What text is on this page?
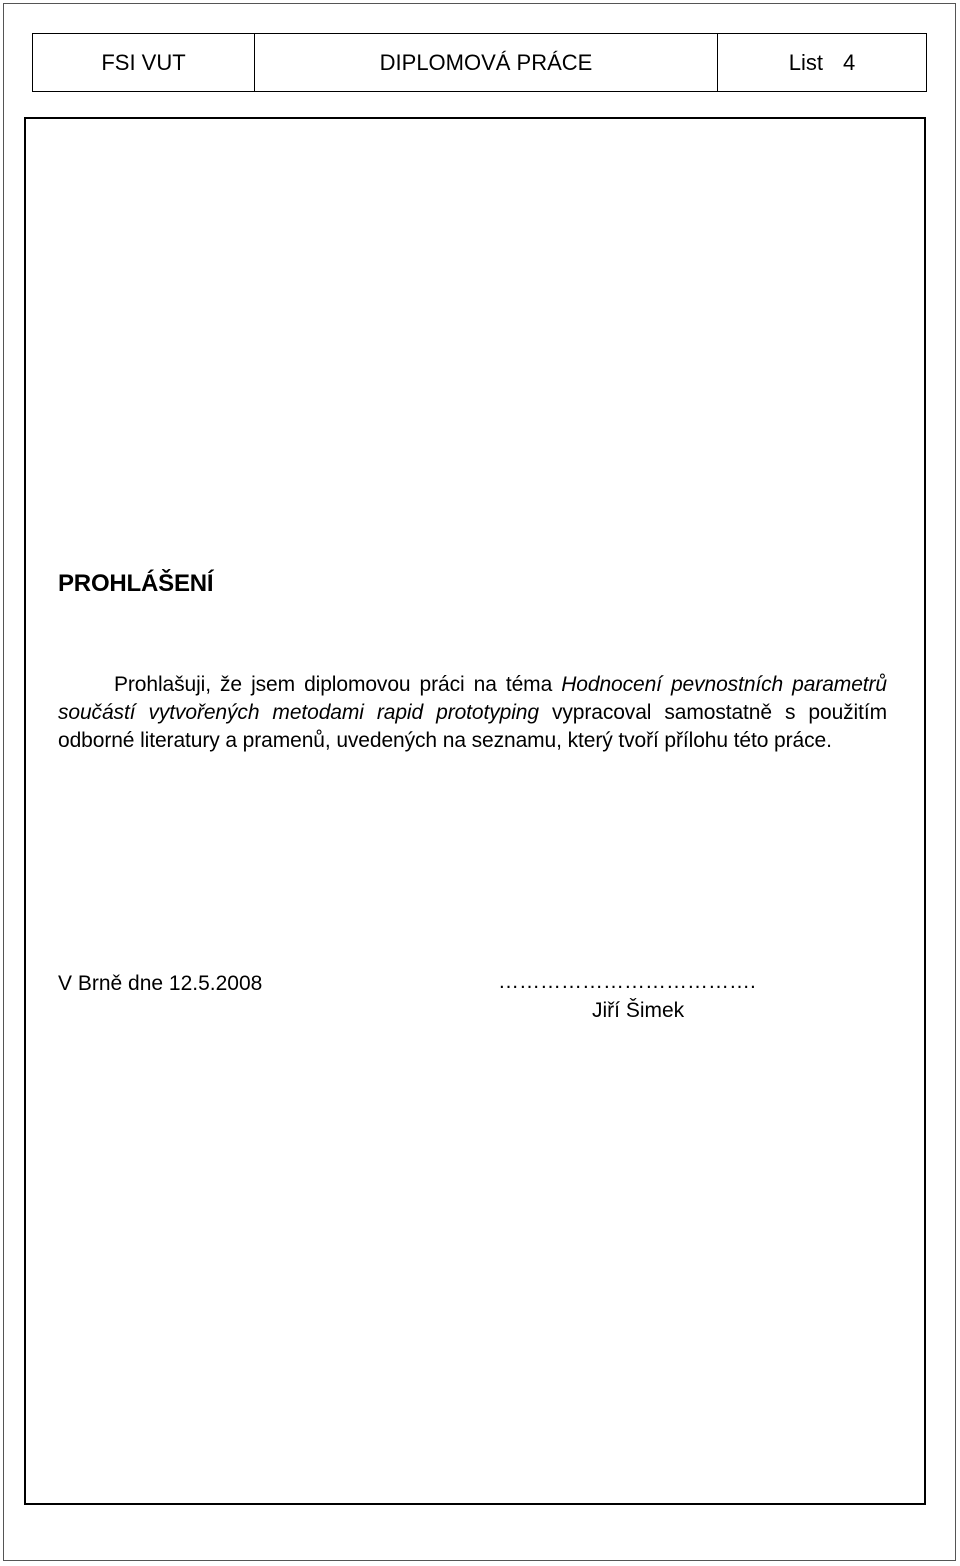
FSI VUT	DIPLOMOVÁ PRÁCE	List 4
PROHLÁŠENÍ

Prohlašuji, že jsem diplomovou práci na téma Hodnocení pevnostních parametrů součástí vytvořených metodami rapid prototyping vypracoval samostatně s použitím odborné literatury a pramenů, uvedených na seznamu, který tvoří přílohu této práce.

V Brně dne 12.5.2008	……………………………….
Jiří Šimek
